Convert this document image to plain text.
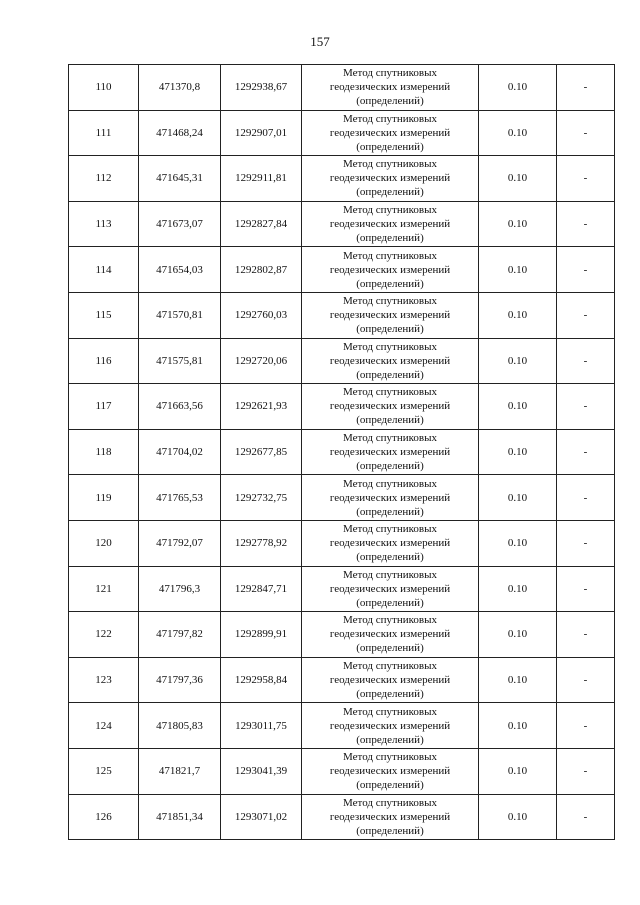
157
110	471370,8	1292938,67	Метод спутниковых
геодезических измерений
(определений)	0.10	-
111	471468,24	1292907,01	Метод спутниковых
геодезических измерений
(определений)	0.10	-
112	471645,31	1292911,81	Метод спутниковых
геодезических измерений
(определений)	0.10	-
113	471673,07	1292827,84	Метод спутниковых
геодезических измерений
(определений)	0.10	-
114	471654,03	1292802,87	Метод спутниковых
геодезических измерений
(определений)	0.10	-
115	471570,81	1292760,03	Метод спутниковых
геодезических измерений
(определений)	0.10	-
116	471575,81	1292720,06	Метод спутниковых
геодезических измерений
(определений)	0.10	-
117	471663,56	1292621,93	Метод спутниковых
геодезических измерений
(определений)	0.10	-
118	471704,02	1292677,85	Метод спутниковых
геодезических измерений
(определений)	0.10	-
119	471765,53	1292732,75	Метод спутниковых
геодезических измерений
(определений)	0.10	-
120	471792,07	1292778,92	Метод спутниковых
геодезических измерений
(определений)	0.10	-
121	471796,3	1292847,71	Метод спутниковых
геодезических измерений
(определений)	0.10	-
122	471797,82	1292899,91	Метод спутниковых
геодезических измерений
(определений)	0.10	-
123	471797,36	1292958,84	Метод спутниковых
геодезических измерений
(определений)	0.10	-
124	471805,83	1293011,75	Метод спутниковых
геодезических измерений
(определений)	0.10	-
125	471821,7	1293041,39	Метод спутниковых
геодезических измерений
(определений)	0.10	-
126	471851,34	1293071,02	Метод спутниковых
геодезических измерений
(определений)	0.10	-
